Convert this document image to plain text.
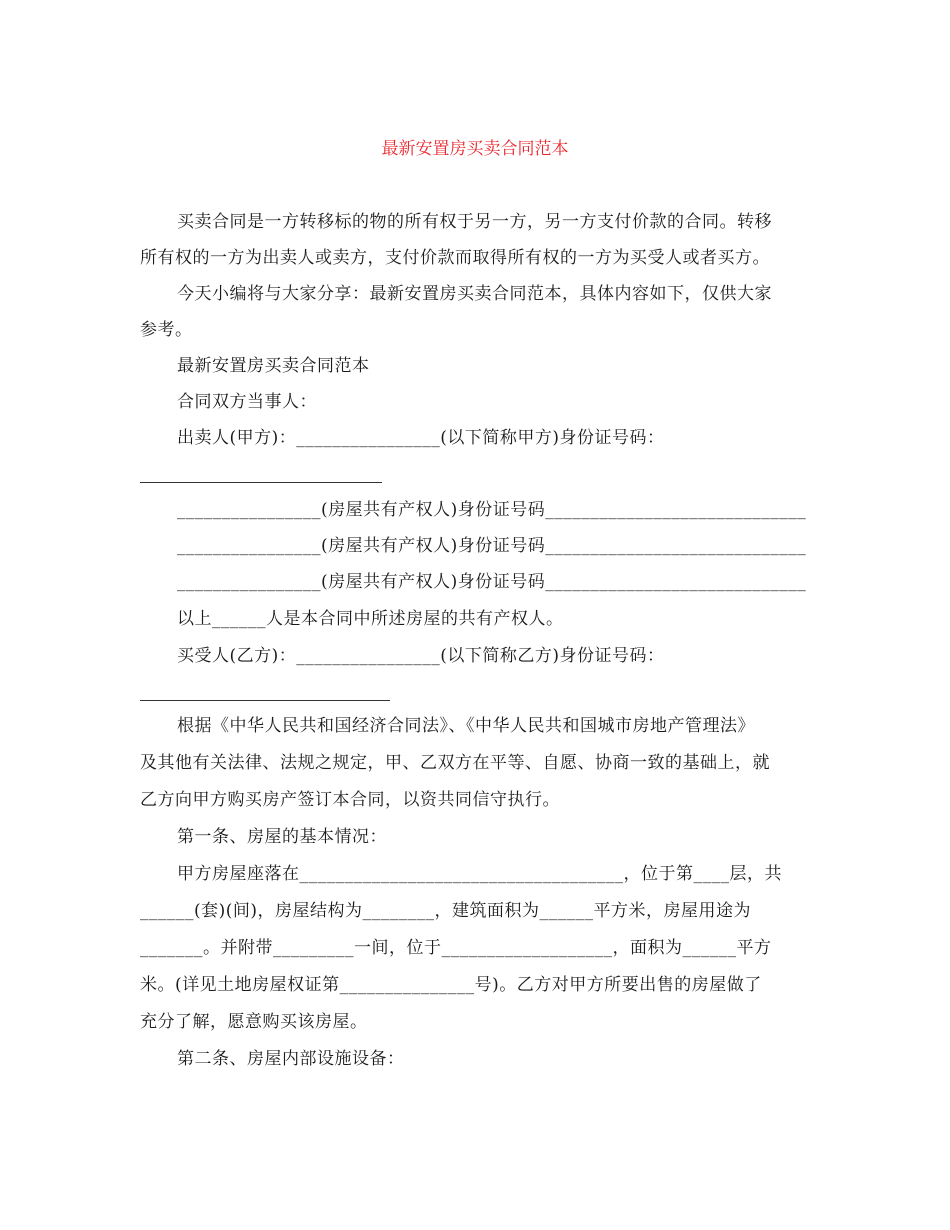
最新安置房买卖合同范本
买卖合同是一方转移标的物的所有权于另一方，另一方支付价款的合同。转移
所有权的一方为出卖人或卖方，支付价款而取得所有权的一方为买受人或者买方。
今天小编将与大家分享：最新安置房买卖合同范本，具体内容如下，仅供大家
参考。
最新安置房买卖合同范本
合同双方当事人：
出卖人(甲方)：________________(以下简称甲方)身份证号码：
________________(房屋共有产权人)身份证号码_____________________________
________________(房屋共有产权人)身份证号码_____________________________
________________(房屋共有产权人)身份证号码_____________________________
以上______人是本合同中所述房屋的共有产权人。
买受人(乙方)：________________(以下简称乙方)身份证号码：
根据《中华人民共和国经济合同法》、《中华人民共和国城市房地产管理法》
及其他有关法律、法规之规定，甲、乙双方在平等、自愿、协商一致的基础上，就
乙方向甲方购买房产签订本合同，以资共同信守执行。
第一条、房屋的基本情况：
甲方房屋座落在____________________________________，位于第____层，共
______(套)(间)，房屋结构为________，建筑面积为______平方米，房屋用途为
_______。并附带_________一间，位于___________________，面积为______平方
米。(详见土地房屋权证第_______________号)。乙方对甲方所要出售的房屋做了
充分了解，愿意购买该房屋。
第二条、房屋内部设施设备：
